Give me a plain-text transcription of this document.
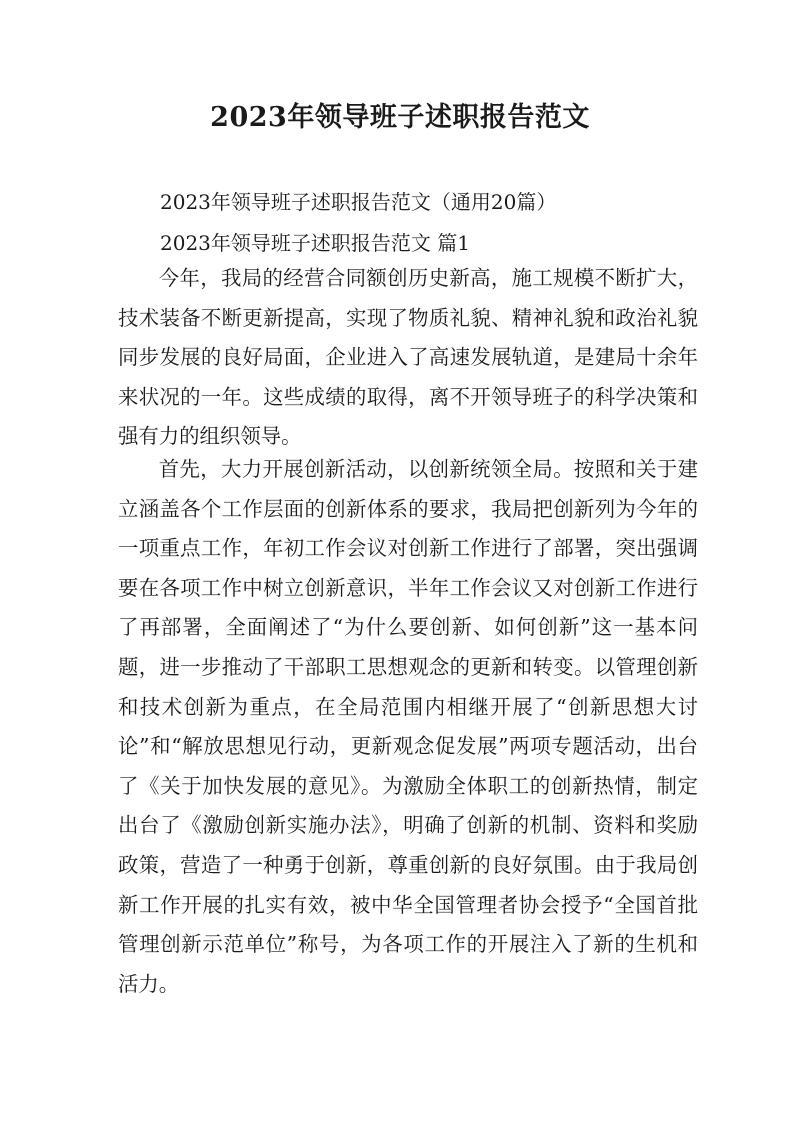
2023年领导班子述职报告范文
2023年领导班子述职报告范文（通用20篇）
2023年领导班子述职报告范文 篇1

今年，我局的经营合同额创历史新高，施工规模不断扩大，技术装备不断更新提高，实现了物质礼貌、精神礼貌和政治礼貌同步发展的良好局面，企业进入了高速发展轨道，是建局十余年来状况的一年。这些成绩的取得，离不开领导班子的科学决策和强有力的组织领导。

首先，大力开展创新活动，以创新统领全局。按照和关于建立涵盖各个工作层面的创新体系的要求，我局把创新列为今年的一项重点工作，年初工作会议对创新工作进行了部署，突出强调要在各项工作中树立创新意识，半年工作会议又对创新工作进行了再部署，全面阐述了“为什么要创新、如何创新”这一基本问题，进一步推动了干部职工思想观念的更新和转变。以管理创新和技术创新为重点，在全局范围内相继开展了“创新思想大讨论”和“解放思想见行动，更新观念促发展”两项专题活动，出台了《关于加快发展的意见》。为激励全体职工的创新热情，制定出台了《激励创新实施办法》，明确了创新的机制、资料和奖励政策，营造了一种勇于创新，尊重创新的良好氛围。由于我局创新工作开展的扎实有效，被中华全国管理者协会授予“全国首批管理创新示范单位”称号，为各项工作的开展注入了新的生机和活力。
